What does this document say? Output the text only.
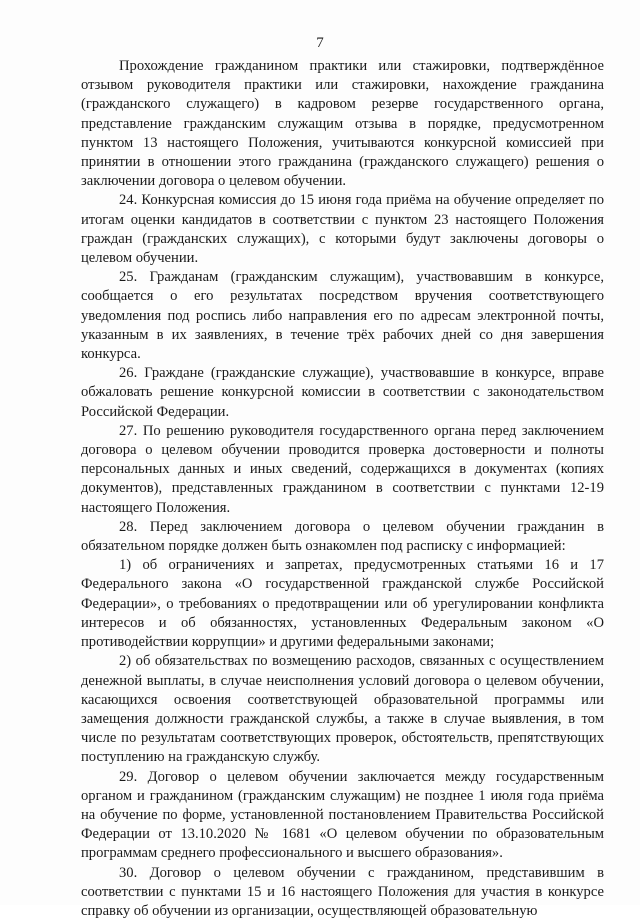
7

Прохождение гражданином практики или стажировки, подтверждённое отзывом руководителя практики или стажировки, нахождение гражданина (гражданского служащего) в кадровом резерве государственного органа, представление гражданским служащим отзыва в порядке, предусмотренном пунктом 13 настоящего Положения, учитываются конкурсной комиссией при принятии в отношении этого гражданина (гражданского служащего) решения о заключении договора о целевом обучении.

24. Конкурсная комиссия до 15 июня года приёма на обучение определяет по итогам оценки кандидатов в соответствии с пунктом 23 настоящего Положения граждан (гражданских служащих), с которыми будут заключены договоры о целевом обучении.

25. Гражданам (гражданским служащим), участвовавшим в конкурсе, сообщается о его результатах посредством вручения соответствующего уведомления под роспись либо направления его по адресам электронной почты, указанным в их заявлениях, в течение трёх рабочих дней со дня завершения конкурса.

26. Граждане (гражданские служащие), участвовавшие в конкурсе, вправе обжаловать решение конкурсной комиссии в соответствии с законодательством Российской Федерации.

27. По решению руководителя государственного органа перед заключением договора о целевом обучении проводится проверка достоверности и полноты персональных данных и иных сведений, содержащихся в документах (копиях документов), представленных гражданином в соответствии с пунктами 12-19 настоящего Положения.

28. Перед заключением договора о целевом обучении гражданин в обязательном порядке должен быть ознакомлен под расписку с информацией:

1) об ограничениях и запретах, предусмотренных статьями 16 и 17 Федерального закона «О государственной гражданской службе Российской Федерации», о требованиях о предотвращении или об урегулировании конфликта интересов и об обязанностях, установленных Федеральным законом «О противодействии коррупции» и другими федеральными законами;

2) об обязательствах по возмещению расходов, связанных с осуществлением денежной выплаты, в случае неисполнения условий договора о целевом обучении, касающихся освоения соответствующей образовательной программы или замещения должности гражданской службы, а также в случае выявления, в том числе по результатам соответствующих проверок, обстоятельств, препятствующих поступлению на гражданскую службу.

29. Договор о целевом обучении заключается между государственным органом и гражданином (гражданским служащим) не позднее 1 июля года приёма на обучение по форме, установленной постановлением Правительства Российской Федерации от 13.10.2020 № 1681 «О целевом обучении по образовательным программам среднего профессионального и высшего образования».

30. Договор о целевом обучении с гражданином, представившим в соответствии с пунктами 15 и 16 настоящего Положения для участия в конкурсе справку об обучении из организации, осуществляющей образовательную
